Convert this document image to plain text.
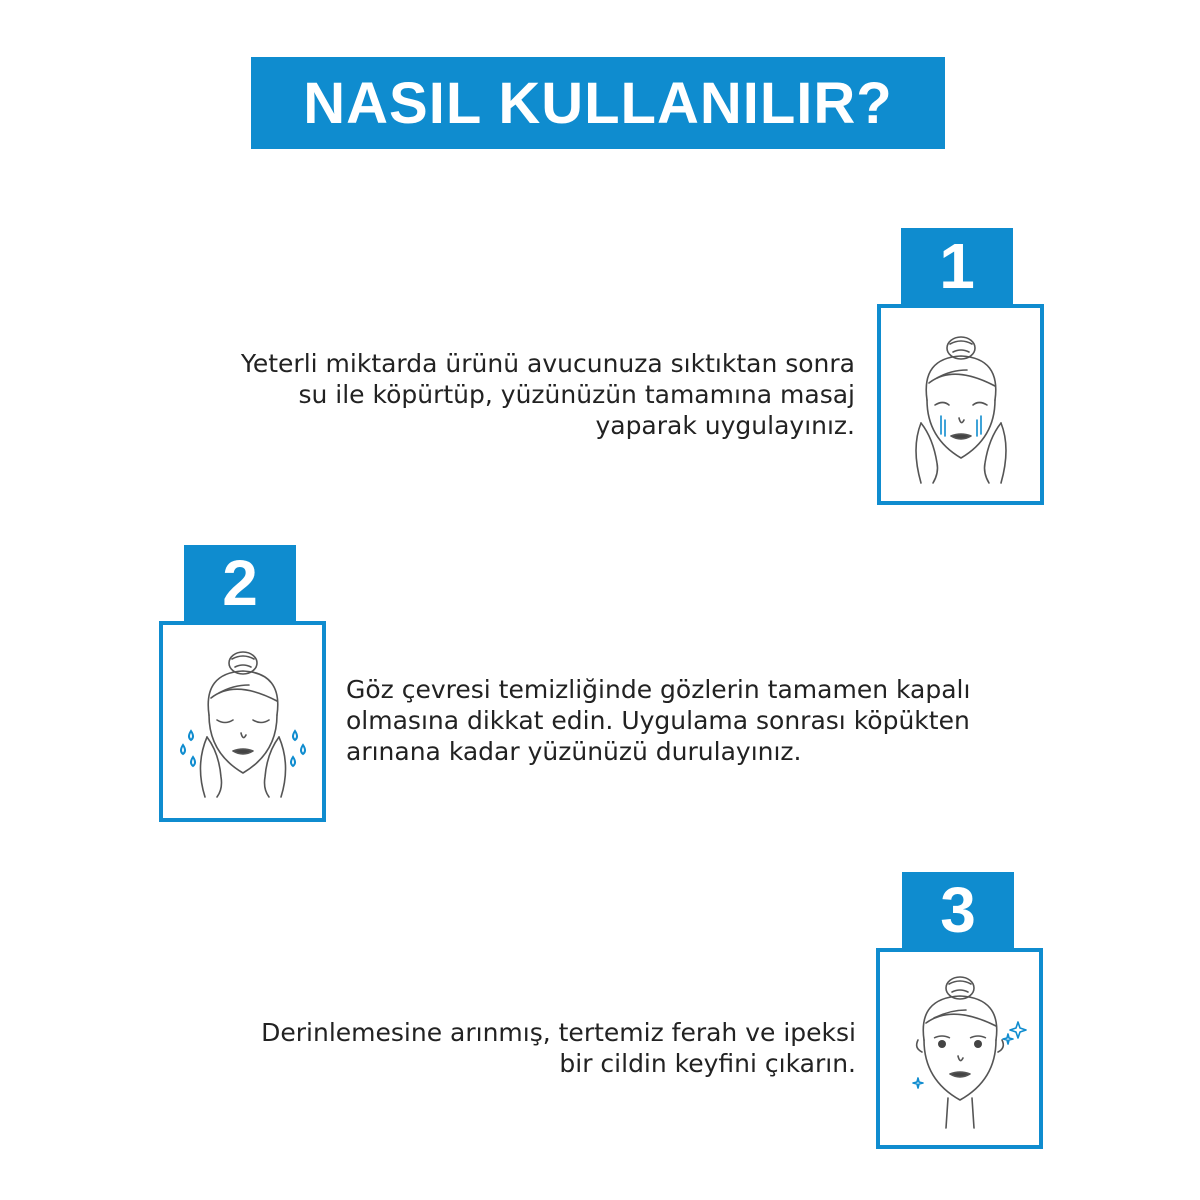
NASIL KULLANILIR?
1
Yeterli miktarda ürünü avucunuza sıktıktan sonra
su ile köpürtüp, yüzünüzün tamamına masaj
yaparak uygulayınız.
2
Göz çevresi temizliğinde gözlerin tamamen kapalı
olmasına dikkat edin. Uygulama sonrası köpükten
arınana kadar yüzünüzü durulayınız.
3
Derinlemesine arınmış, tertemiz ferah ve ipeksi
bir cildin keyfini çıkarın.
